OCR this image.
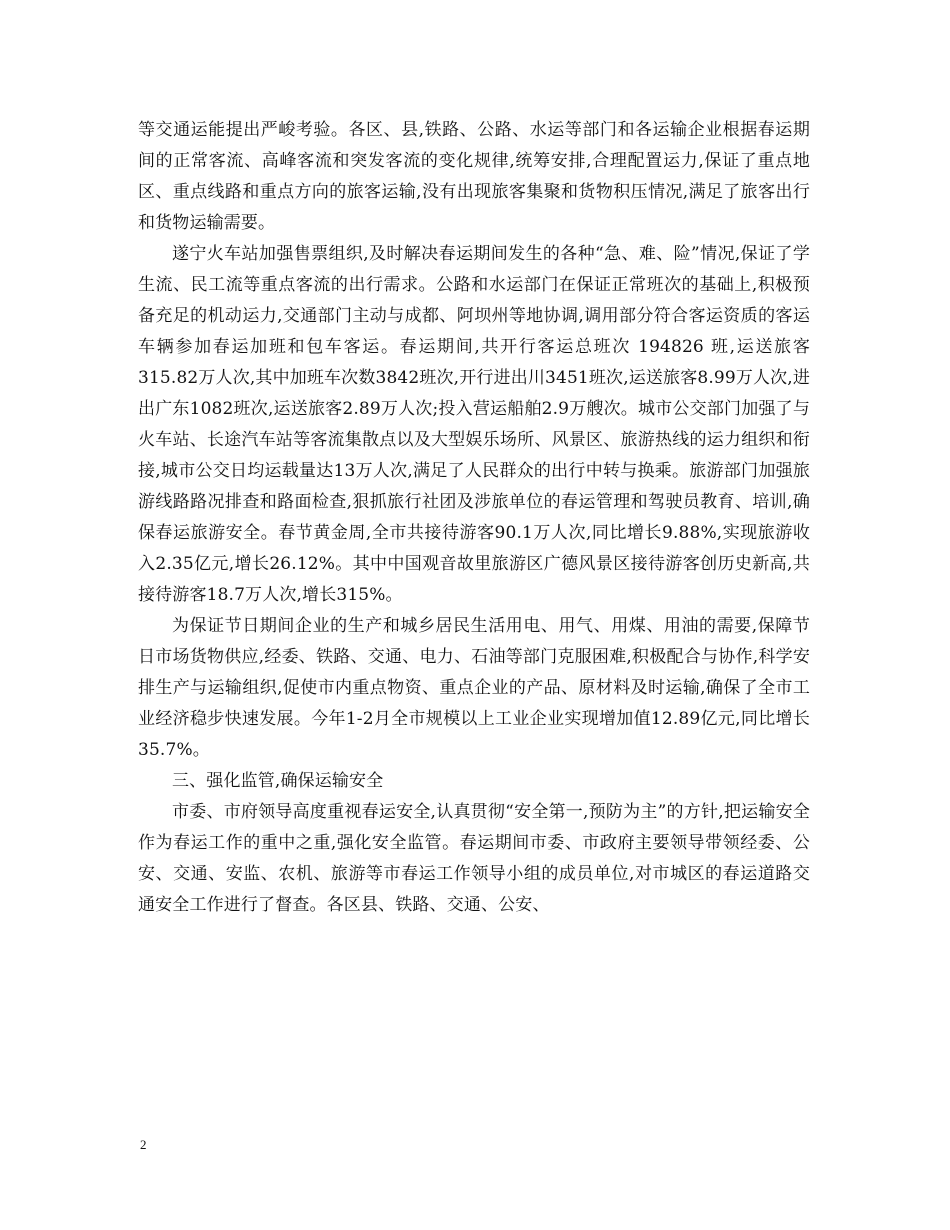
等交通运能提出严峻考验。各区、县,铁路、公路、水运等部门和各运输企业根据春运期间的正常客流、高峰客流和突发客流的变化规律,统筹安排,合理配置运力,保证了重点地区、重点线路和重点方向的旅客运输,没有出现旅客集聚和货物积压情况,满足了旅客出行和货物运输需要。

遂宁火车站加强售票组织,及时解决春运期间发生的各种“急、难、险”情况,保证了学生流、民工流等重点客流的出行需求。公路和水运部门在保证正常班次的基础上,积极预备充足的机动运力,交通部门主动与成都、阿坝州等地协调,调用部分符合客运资质的客运车辆参加春运加班和包车客运。春运期间,共开行客运总班次 194826 班,运送旅客315.82万人次,其中加班车次数3842班次,开行进出川3451班次,运送旅客8.99万人次,进出广东1082班次,运送旅客2.89万人次;投入营运船舶2.9万艘次。城市公交部门加强了与火车站、长途汽车站等客流集散点以及大型娱乐场所、风景区、旅游热线的运力组织和衔接,城市公交日均运载量达13万人次,满足了人民群众的出行中转与换乘。旅游部门加强旅游线路路况排查和路面检查,狠抓旅行社团及涉旅单位的春运管理和驾驶员教育、培训,确保春运旅游安全。春节黄金周,全市共接待游客90.1万人次,同比增长9.88%,实现旅游收入2.35亿元,增长26.12%。其中中国观音故里旅游区广德风景区接待游客创历史新高,共接待游客18.7万人次,增长315%。

为保证节日期间企业的生产和城乡居民生活用电、用气、用煤、用油的需要,保障节日市场货物供应,经委、铁路、交通、电力、石油等部门克服困难,积极配合与协作,科学安排生产与运输组织,促使市内重点物资、重点企业的产品、原材料及时运输,确保了全市工业经济稳步快速发展。今年1-2月全市规模以上工业企业实现增加值12.89亿元,同比增长35.7%。

三、强化监管,确保运输安全

市委、市府领导高度重视春运安全,认真贯彻“安全第一,预防为主”的方针,把运输安全作为春运工作的重中之重,强化安全监管。春运期间市委、市政府主要领导带领经委、公安、交通、安监、农机、旅游等市春运工作领导小组的成员单位,对市城区的春运道路交通安全工作进行了督查。各区县、铁路、交通、公安、

2
